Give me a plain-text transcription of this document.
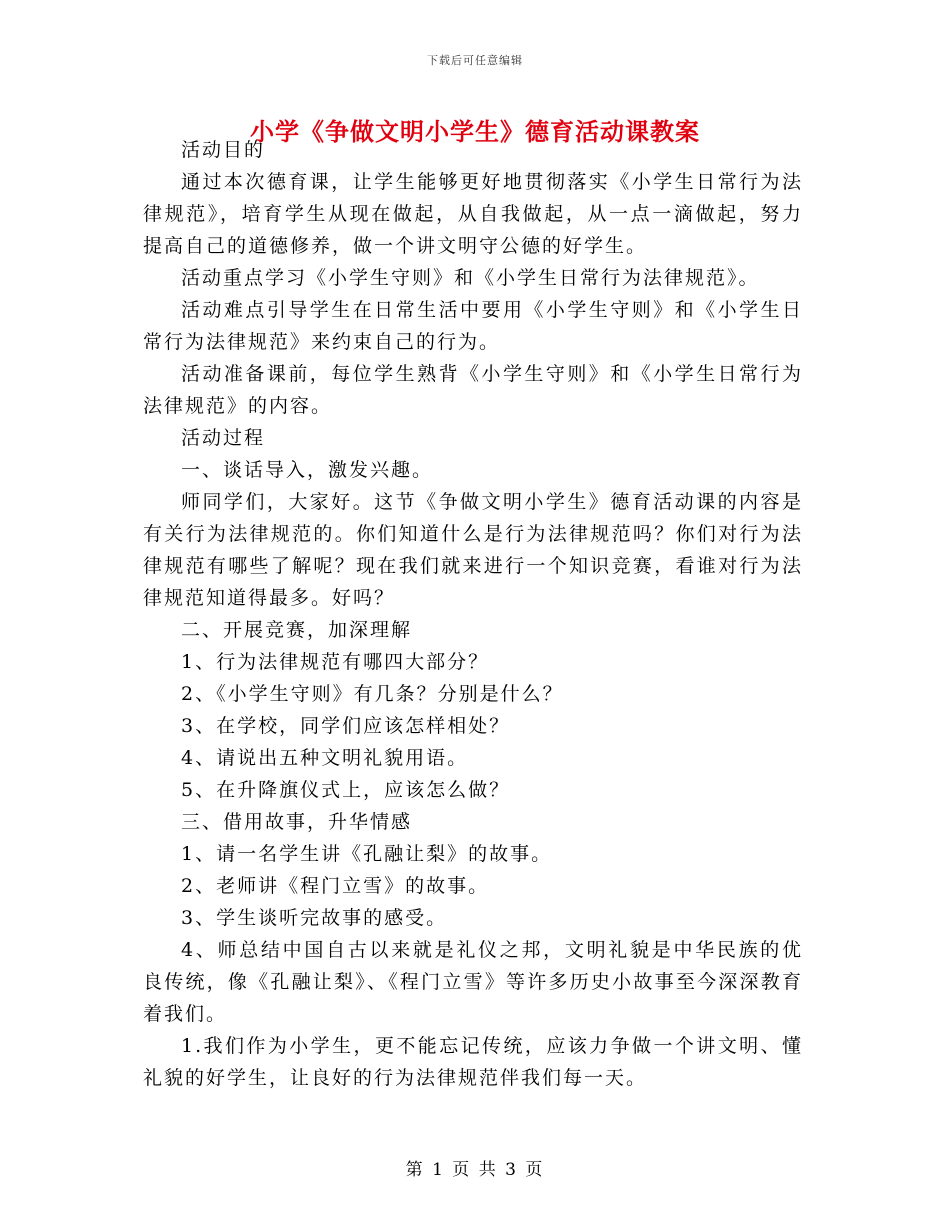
下载后可任意编辑
小学《争做文明小学生》德育活动课教案

活动目的

通过本次德育课，让学生能够更好地贯彻落实《小学生日常行为法律规范》，培育学生从现在做起，从自我做起，从一点一滴做起，努力提高自己的道德修养，做一个讲文明守公德的好学生。

活动重点学习《小学生守则》和《小学生日常行为法律规范》。

活动难点引导学生在日常生活中要用《小学生守则》和《小学生日常行为法律规范》来约束自己的行为。

活动准备课前，每位学生熟背《小学生守则》和《小学生日常行为法律规范》的内容。

活动过程

一、谈话导入，激发兴趣。

师同学们，大家好。这节《争做文明小学生》德育活动课的内容是有关行为法律规范的。你们知道什么是行为法律规范吗？你们对行为法律规范有哪些了解呢？现在我们就来进行一个知识竞赛，看谁对行为法律规范知道得最多。好吗？

二、开展竞赛，加深理解

1、行为法律规范有哪四大部分？

2、《小学生守则》有几条？分别是什么？

3、在学校，同学们应该怎样相处？

4、请说出五种文明礼貌用语。

5、在升降旗仪式上，应该怎么做？

三、借用故事，升华情感

1、请一名学生讲《孔融让梨》的故事。

2、老师讲《程门立雪》的故事。

3、学生谈听完故事的感受。

4、师总结中国自古以来就是礼仪之邦，文明礼貌是中华民族的优良传统，像《孔融让梨》、《程门立雪》等许多历史小故事至今深深教育着我们。

1.我们作为小学生，更不能忘记传统，应该力争做一个讲文明、懂礼貌的好学生，让良好的行为法律规范伴我们每一天。

第 1 页 共 3 页
